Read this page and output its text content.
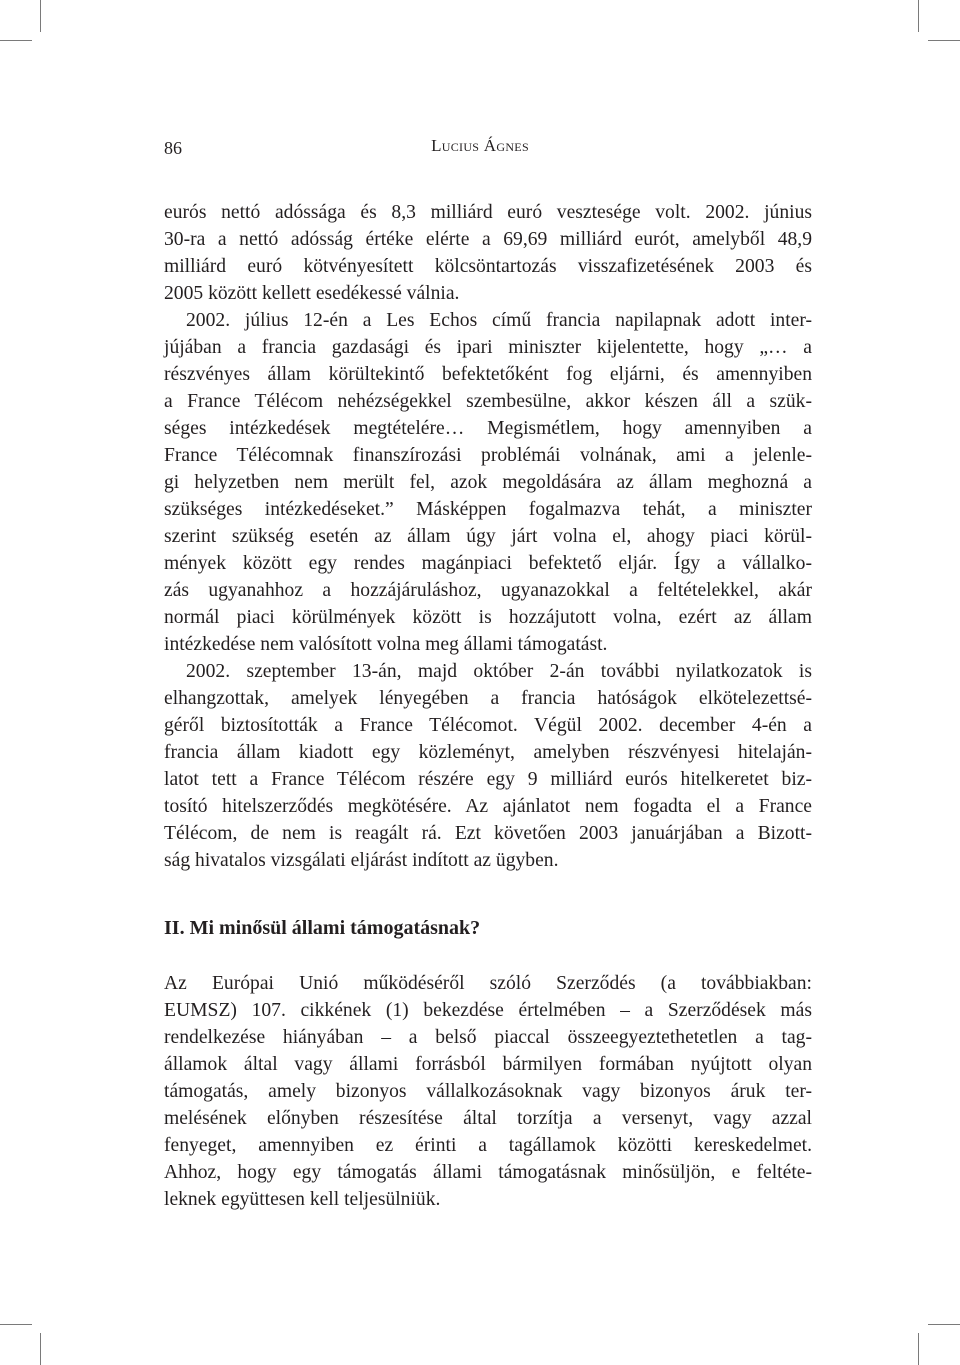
86	Lucius Ágnes
eurós nettó adóssága és 8,3 milliárd euró vesztesége volt. 2002. június
30-ra a nettó adósság értéke elérte a 69,69 milliárd eurót, amelyből 48,9
milliárd euró kötvényesített kölcsöntartozás visszafizetésének 2003 és
2005 között kellett esedékessé válnia.
2002. július 12-én a Les Echos című francia napilapnak adott inter-
jújában a francia gazdasági és ipari miniszter kijelentette, hogy „… a
részvényes állam körültekintő befektetőként fog eljárni, és amennyiben
a France Télécom nehézségekkel szembesülne, akkor készen áll a szük-
séges intézkedések megtételére… Megismétlem, hogy amennyiben a
France Télécomnak finanszírozási problémái volnának, ami a jelenle-
gi helyzetben nem merült fel, azok megoldására az állam meghozná a
szükséges intézkedéseket.” Másképpen fogalmazva tehát, a miniszter
szerint szükség esetén az állam úgy járt volna el, ahogy piaci körül-
mények között egy rendes magánpiaci befektető eljár. Így a vállalko-
zás ugyanahhoz a hozzájáruláshoz, ugyanazokkal a feltételekkel, akár
normál piaci körülmények között is hozzájutott volna, ezért az állam
intézkedése nem valósított volna meg állami támogatást.
2002. szeptember 13-án, majd október 2-án további nyilatkozatok is
elhangzottak, amelyek lényegében a francia hatóságok elkötelezettsé-
géről biztosították a France Télécomot. Végül 2002. december 4-én a
francia állam kiadott egy közleményt, amelyben részvényesi hitelaján-
latot tett a France Télécom részére egy 9 milliárd eurós hitelkeretet biz-
tosító hitelszerződés megkötésére. Az ajánlatot nem fogadta el a France
Télécom, de nem is reagált rá. Ezt követően 2003 januárjában a Bizott-
ság hivatalos vizsgálati eljárást indított az ügyben.
II. Mi minősül állami támogatásnak?
Az Európai Unió működéséről szóló Szerződés (a továbbiakban:
EUMSZ) 107. cikkének (1) bekezdése értelmében – a Szerződések más
rendelkezése hiányában – a belső piaccal összeegyeztethetetlen a tag-
államok által vagy állami forrásból bármilyen formában nyújtott olyan
támogatás, amely bizonyos vállalkozásoknak vagy bizonyos áruk ter-
melésének előnyben részesítése által torzítja a versenyt, vagy azzal
fenyeget, amennyiben ez érinti a tagállamok közötti kereskedelmet.
Ahhoz, hogy egy támogatás állami támogatásnak minősüljön, e feltéte-
leknek együttesen kell teljesülniük.
